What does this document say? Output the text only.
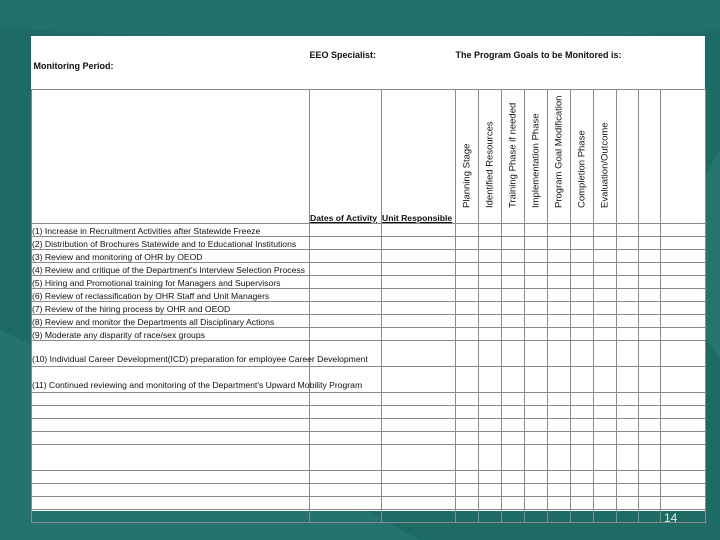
Monitoring Period:	EEO Specialist:		The Program Goals to be Monitored is:									
	Dates of Activity	Unit Responsible	Planning Stage	Identified Resources	Training Phase if needed	Implementation Phase	Program Goal Modification	Completion Phase	Evaluation/Outcome			

(1) Increase in Recruitment Activities after Statewide Freeze												
(2) Distribution of Brochures Statewide and to Educational Institutions												
(3) Review and monitoring of OHR by OEOD												
(4) Review and critique of the Department's Interview Selection Process												
(5) Hiring and Promotional training for Managers and Supervisors												
(6) Review of reclassification by OHR Staff and Unit Managers												
(7) Review of the hiring process by OHR and OEOD												
(8) Review and monitor the Departments all Disciplinary Actions												
(9) Moderate any disparity of race/sex groups												
(10) Individual Career Development(ICD) preparation for employee Career Development												
(11) Continued reviewing and monitoring of the Department's Upward Mobility Program												

14
